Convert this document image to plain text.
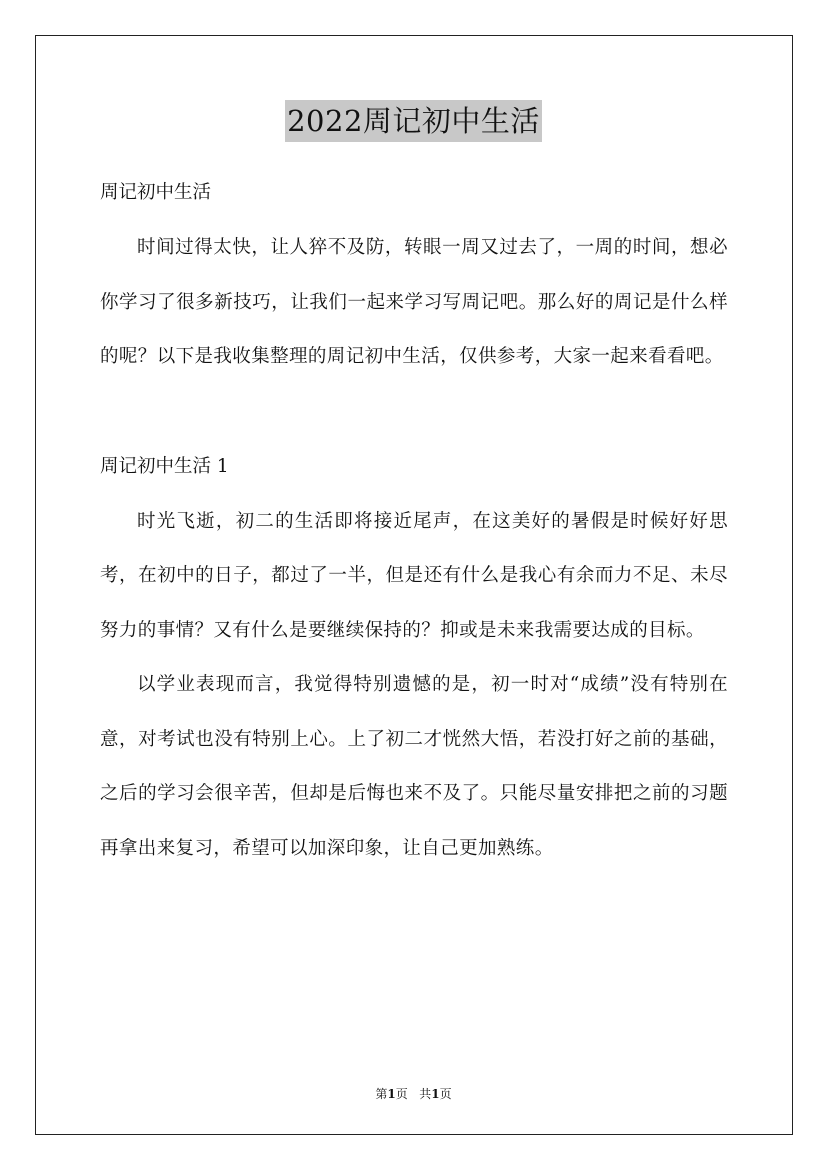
2022周记初中生活

周记初中生活

时间过得太快，让人猝不及防，转眼一周又过去了，一周的时间，想必你学习了很多新技巧，让我们一起来学习写周记吧。那么好的周记是什么样的呢？以下是我收集整理的周记初中生活，仅供参考，大家一起来看看吧。

周记初中生活 1

时光飞逝，初二的生活即将接近尾声，在这美好的暑假是时候好好思考，在初中的日子，都过了一半，但是还有什么是我心有余而力不足、未尽努力的事情？又有什么是要继续保持的？抑或是未来我需要达成的目标。

以学业表现而言，我觉得特别遗憾的是，初一时对“成绩”没有特别在意，对考试也没有特别上心。上了初二才恍然大悟，若没打好之前的基础，之后的学习会很辛苦，但却是后悔也来不及了。只能尽量安排把之前的习题再拿出来复习，希望可以加深印象，让自己更加熟练。

第1页 共1页
